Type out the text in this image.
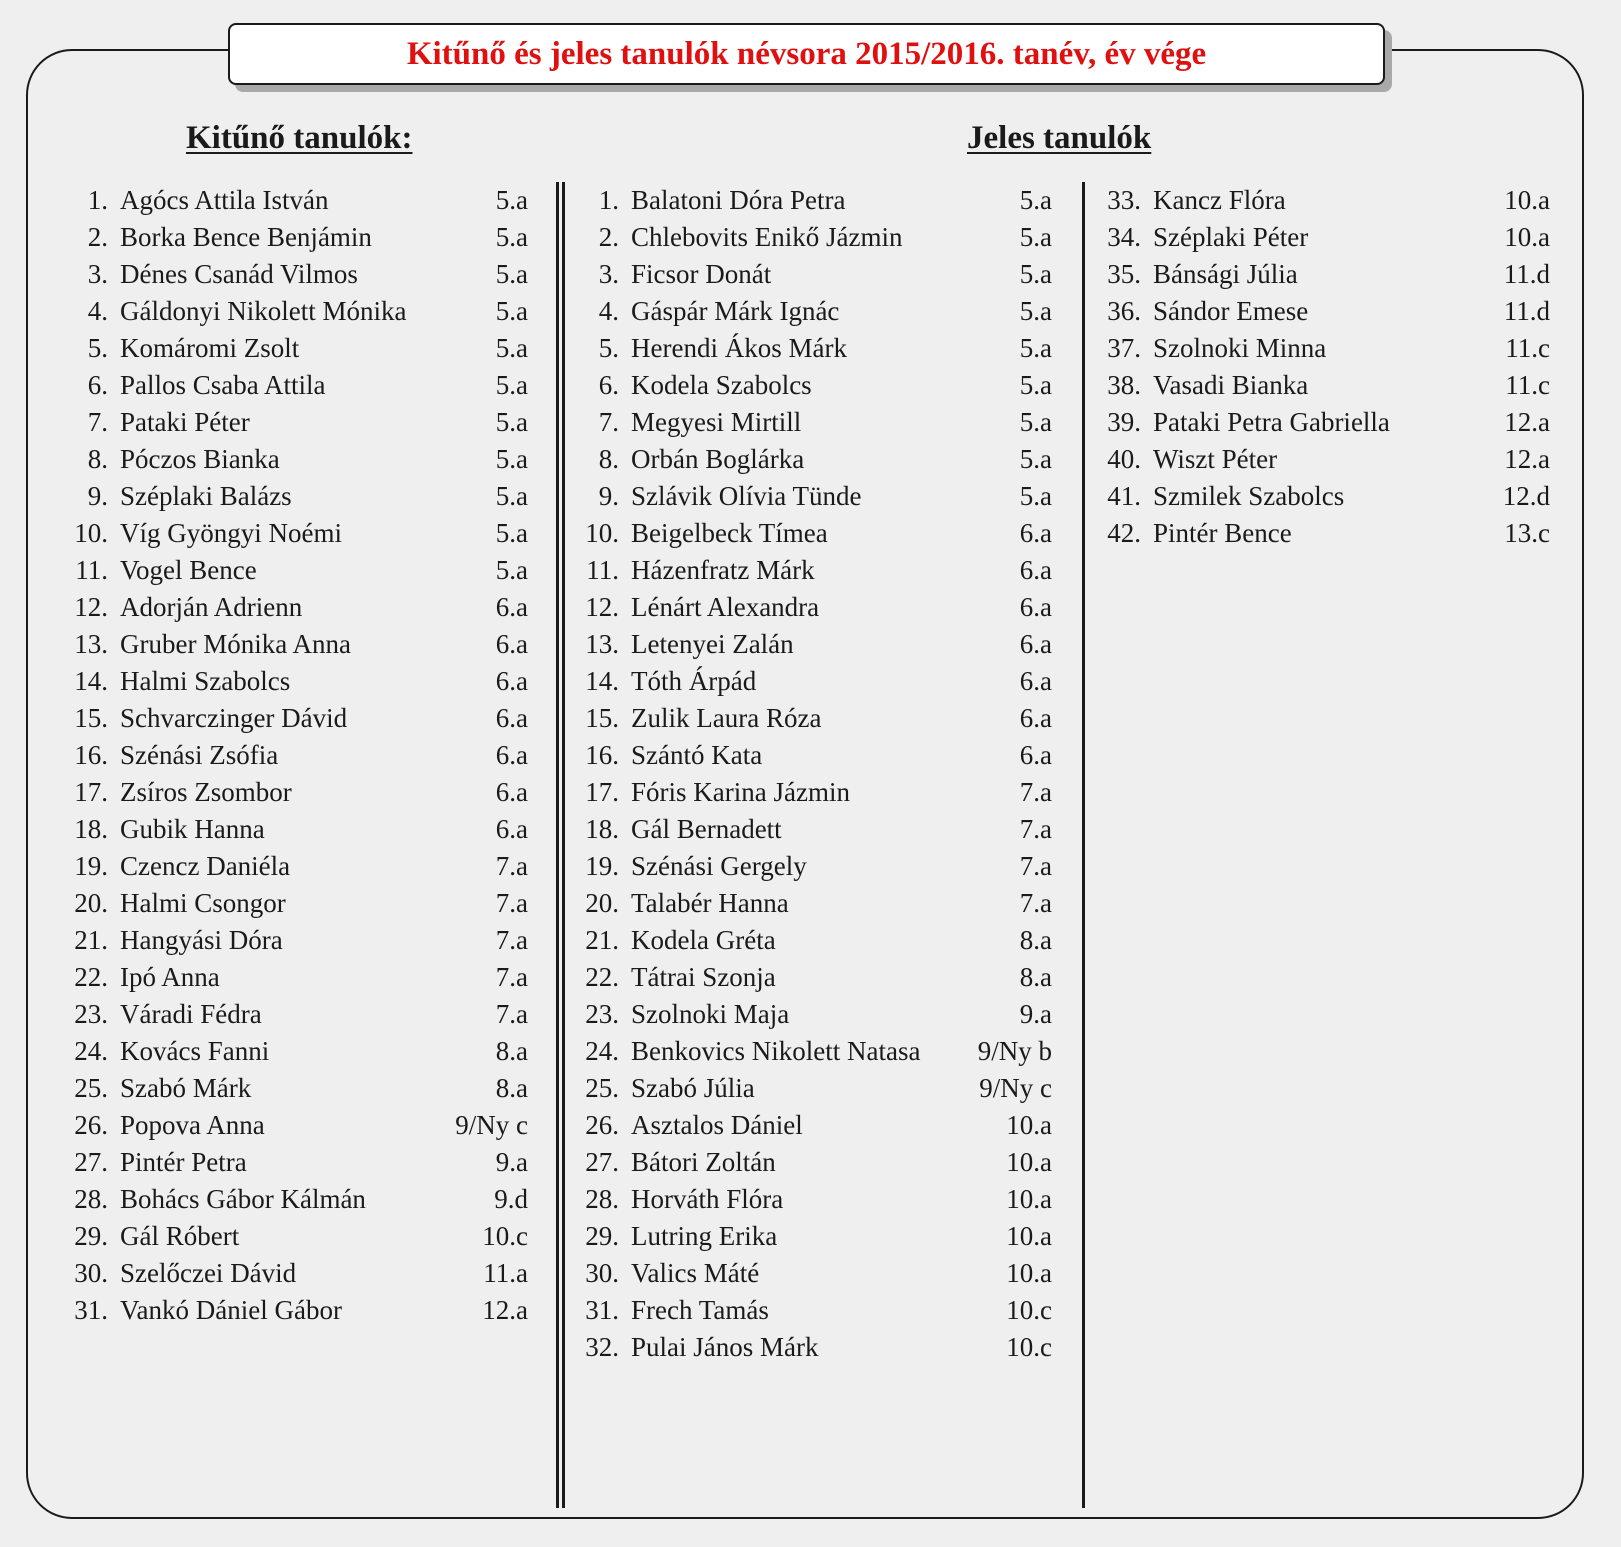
Kitűnő és jeles tanulók névsora 2015/2016. tanév, év vége
Kitűnő tanulók:	Jeles tanulók
1. Agócs Attila István	5.a
2. Borka Bence Benjámin	5.a
3. Dénes Csanád Vilmos	5.a
4. Gáldonyi Nikolett Mónika	5.a
5. Komáromi Zsolt	5.a
6. Pallos Csaba Attila	5.a
7. Pataki Péter	5.a
8. Póczos Bianka	5.a
9. Széplaki Balázs	5.a
10. Víg Gyöngyi Noémi	5.a
11. Vogel Bence	5.a
12. Adorján Adrienn	6.a
13. Gruber Mónika Anna	6.a
14. Halmi Szabolcs	6.a
15. Schvarczinger Dávid	6.a
16. Szénási Zsófia	6.a
17. Zsíros Zsombor	6.a
18. Gubik Hanna	6.a
19. Czencz Daniéla	7.a
20. Halmi Csongor	7.a
21. Hangyási Dóra	7.a
22. Ipó Anna	7.a
23. Váradi Fédra	7.a
24. Kovács Fanni	8.a
25. Szabó Márk	8.a
26. Popova Anna	9/Ny c
27. Pintér Petra	9.a
28. Bohács Gábor Kálmán	9.d
29. Gál Róbert	10.c
30. Szelőczei Dávid	11.a
31. Vankó Dániel Gábor	12.a
1. Balatoni Dóra Petra	5.a
2. Chlebovits Enikő Jázmin	5.a
3. Ficsor Donát	5.a
4. Gáspár Márk Ignác	5.a
5. Herendi Ákos Márk	5.a
6. Kodela Szabolcs	5.a
7. Megyesi Mirtill	5.a
8. Orbán Boglárka	5.a
9. Szlávik Olívia Tünde	5.a
10. Beigelbeck Tímea	6.a
11. Házenfratz Márk	6.a
12. Lénárt Alexandra	6.a
13. Letenyei Zalán	6.a
14. Tóth Árpád	6.a
15. Zulik Laura Róza	6.a
16. Szántó Kata	6.a
17. Fóris Karina Jázmin	7.a
18. Gál Bernadett	7.a
19. Szénási Gergely	7.a
20. Talabér Hanna	7.a
21. Kodela Gréta	8.a
22. Tátrai Szonja	8.a
23. Szolnoki Maja	9.a
24. Benkovics Nikolett Natasa 9/Ny b
25. Szabó Júlia	9/Ny c
26. Asztalos Dániel	10.a
27. Bátori Zoltán	10.a
28. Horváth Flóra	10.a
29. Lutring Erika	10.a
30. Valics Máté	10.a
31. Frech Tamás	10.c
32. Pulai János Márk	10.c
33. Kancz Flóra	10.a
34. Széplaki Péter	10.a
35. Bánsági Júlia	11.d
36. Sándor Emese	11.d
37. Szolnoki Minna	11.c
38. Vasadi Bianka	11.c
39. Pataki Petra Gabriella	12.a
40. Wiszt Péter	12.a
41. Szmilek Szabolcs	12.d
42. Pintér Bence	13.c
